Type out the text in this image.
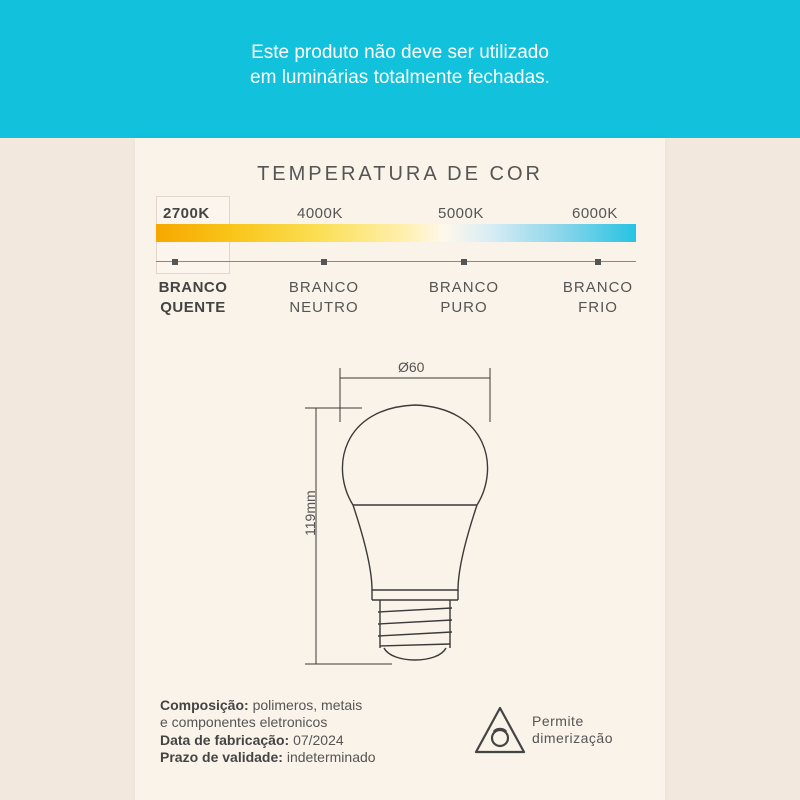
Este produto não deve ser utilizado
em luminárias totalmente fechadas.
TEMPERATURA DE COR
2700K	4000K	5000K	6000K
BRANCO
QUENTE
BRANCO
NEUTRO
BRANCO
PURO
BRANCO
FRIO
Ø60
119mm
Composição: polimeros, metais
e componentes eletronicos
Data de fabricação: 07/2024
Prazo de validade: indeterminado
Permite
dimerização
